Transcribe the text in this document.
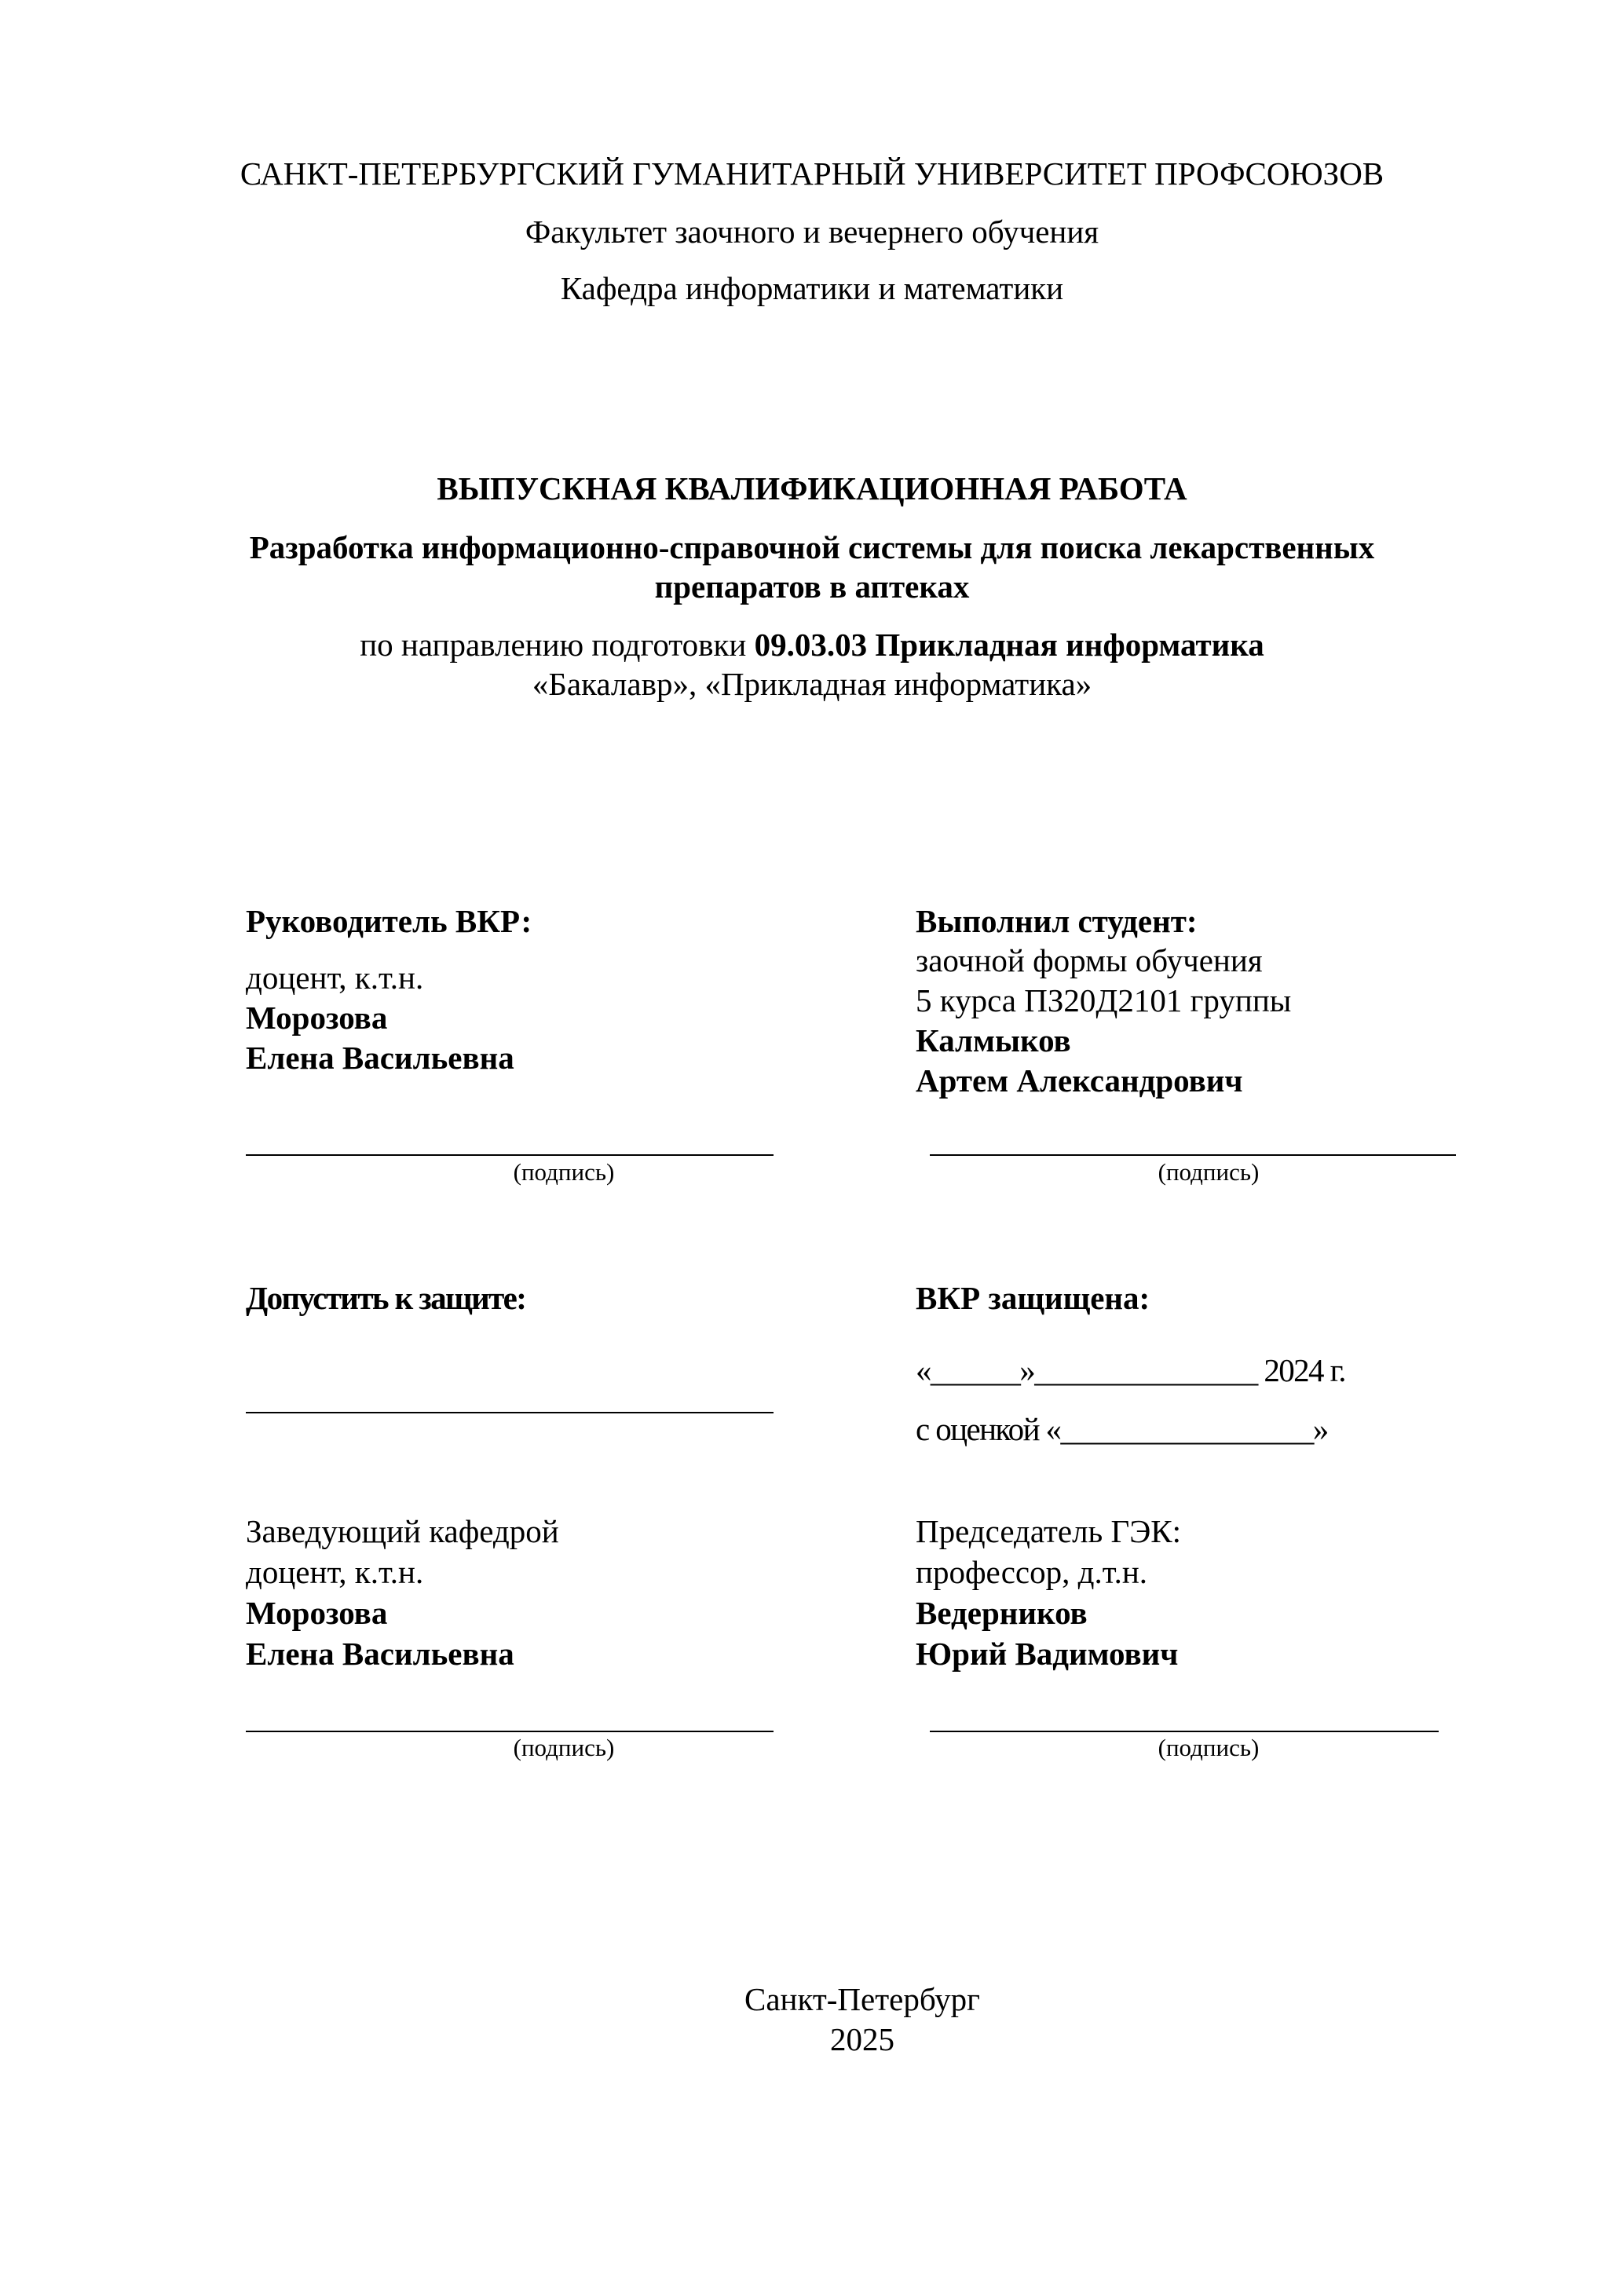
САНКТ-ПЕТЕРБУРГСКИЙ ГУМАНИТАРНЫЙ УНИВЕРСИТЕТ ПРОФСОЮЗОВ
Факультет заочного и вечернего обучения
Кафедра информатики и математики
ВЫПУСКНАЯ КВАЛИФИКАЦИОННАЯ РАБОТА
Разработка информационно-справочной системы для поиска лекарственных
препаратов в аптеках
по направлению подготовки 09.03.03 Прикладная информатика
«Бакалавр», «Прикладная информатика»
Руководитель ВКР:
доцент, к.т.н.
Морозова
Елена Васильевна
(подпись)
Выполнил студент:
заочной формы обучения
5 курса ПЗ20Д2101 группы
Калмыков
Артем Александрович
(подпись)
Допустить к защите:	ВКР защищена:
«______»_______________ 2024 г.
с оценкой «_________________»
Заведующий кафедрой
доцент, к.т.н.
Морозова
Елена Васильевна
(подпись)
Председатель ГЭК:
профессор, д.т.н.
Ведерников
Юрий Вадимович
(подпись)
Санкт-Петербург
2025
